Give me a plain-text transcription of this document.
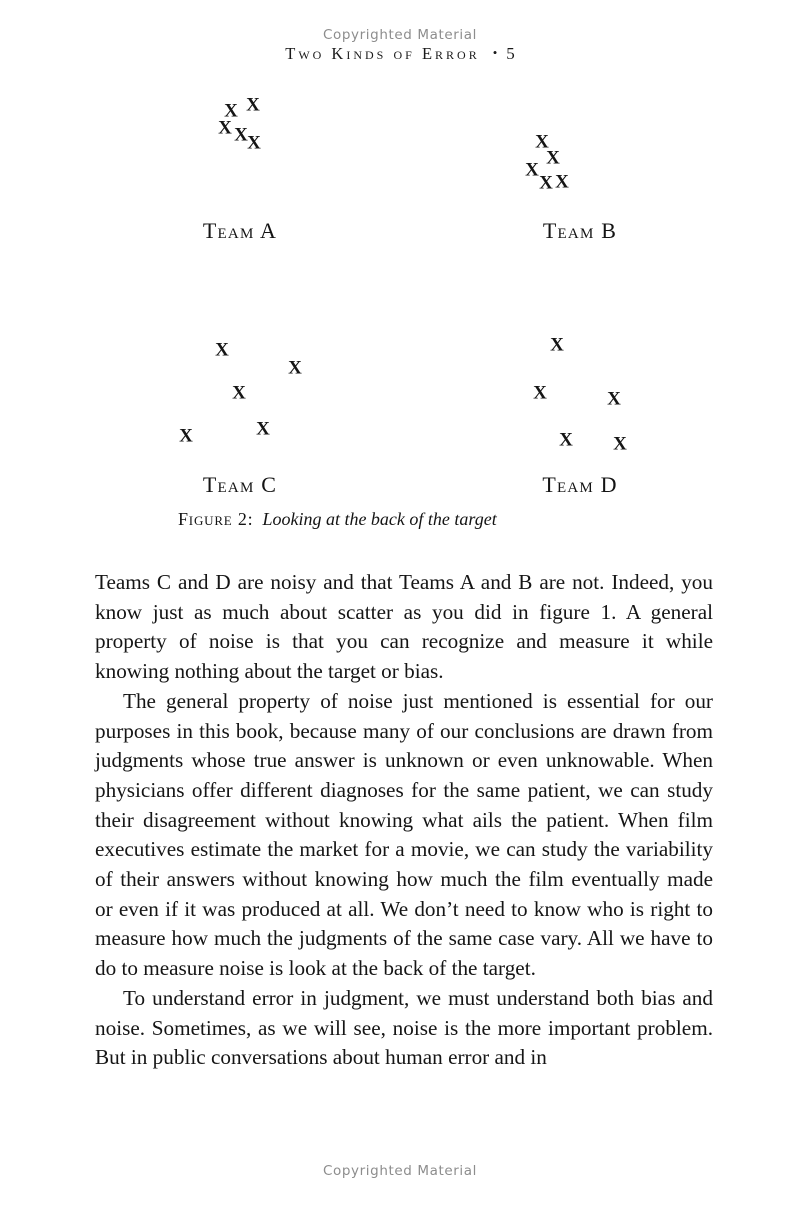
Copyrighted Material
Two Kinds of Error • 5
X X
X X X
Team A
X
X
X
X X
Team B
X
X
X
X
X
Team C
X
X	X
X X
Team D
Figure 2: Looking at the back of the target

Teams C and D are noisy and that Teams A and B are not. Indeed, you know just as much about scatter as you did in figure 1. A general property of noise is that you can recognize and measure it while knowing nothing about the target or bias.

The general property of noise just mentioned is essential for our purposes in this book, because many of our conclusions are drawn from judgments whose true answer is unknown or even unknowable. When physicians offer different diagnoses for the same patient, we can study their disagreement without knowing what ails the patient. When film executives estimate the market for a movie, we can study the variability of their answers without knowing how much the film eventually made or even if it was produced at all. We don’t need to know who is right to measure how much the judgments of the same case vary. All we have to do to measure noise is look at the back of the target.

To understand error in judgment, we must understand both bias and noise. Sometimes, as we will see, noise is the more important problem. But in public conversations about human error and in

Copyrighted Material
